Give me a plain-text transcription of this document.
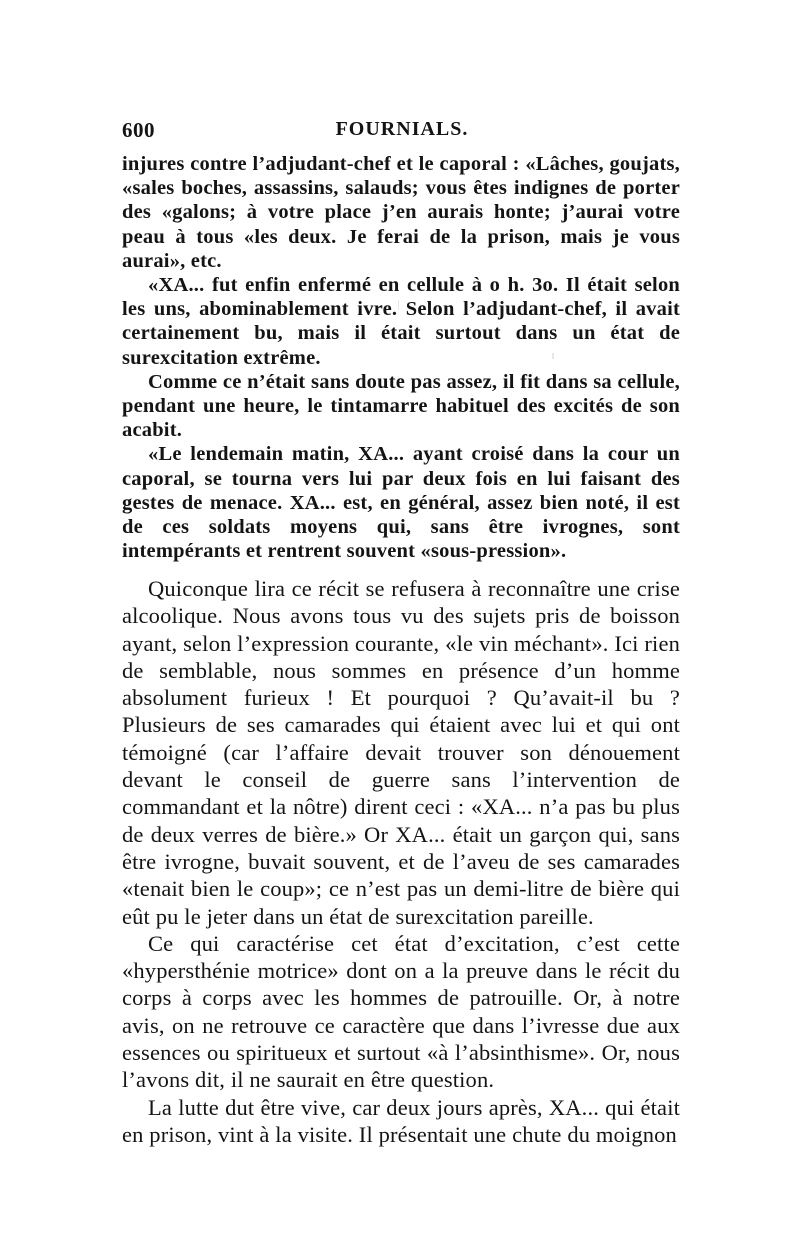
600	FOURNIALS.

injures contre l’adjudant-chef et le caporal : «Lâches, goujats, «sales boches, assassins, salauds; vous êtes indignes de porter des «galons; à votre place j’en aurais honte; j’aurai votre peau à tous «les deux. Je ferai de la prison, mais je vous aurai», etc.

«XA... fut enfin enfermé en cellule à o h. 3o. Il était selon les uns, abominablement ivre. Selon l’adjudant-chef, il avait certainement bu, mais il était surtout dans un état de surexcitation extrême.

Comme ce n’était sans doute pas assez, il fit dans sa cellule, pendant une heure, le tintamarre habituel des excités de son acabit.

«Le lendemain matin, XA... ayant croisé dans la cour un caporal, se tourna vers lui par deux fois en lui faisant des gestes de menace. XA... est, en général, assez bien noté, il est de ces soldats moyens qui, sans être ivrognes, sont intempérants et rentrent souvent «sous-pression».

Quiconque lira ce récit se refusera à reconnaître une crise alcoolique. Nous avons tous vu des sujets pris de boisson ayant, selon l’expression courante, «le vin méchant». Ici rien de semblable, nous sommes en présence d’un homme absolument furieux ! Et pourquoi ? Qu’avait-il bu ? Plusieurs de ses camarades qui étaient avec lui et qui ont témoigné (car l’affaire devait trouver son dénouement devant le conseil de guerre sans l’intervention de commandant et la nôtre) dirent ceci : «XA... n’a pas bu plus de deux verres de bière.» Or XA... était un garçon qui, sans être ivrogne, buvait souvent, et de l’aveu de ses camarades «tenait bien le coup»; ce n’est pas un demi-litre de bière qui eût pu le jeter dans un état de surexcitation pareille.

Ce qui caractérise cet état d’excitation, c’est cette «hypersthénie motrice» dont on a la preuve dans le récit du corps à corps avec les hommes de patrouille. Or, à notre avis, on ne retrouve ce caractère que dans l’ivresse due aux essences ou spiritueux et surtout «à l’absinthisme». Or, nous l’avons dit, il ne saurait en être question.

La lutte dut être vive, car deux jours après, XA... qui était en prison, vint à la visite. Il présentait une chute du moignon
